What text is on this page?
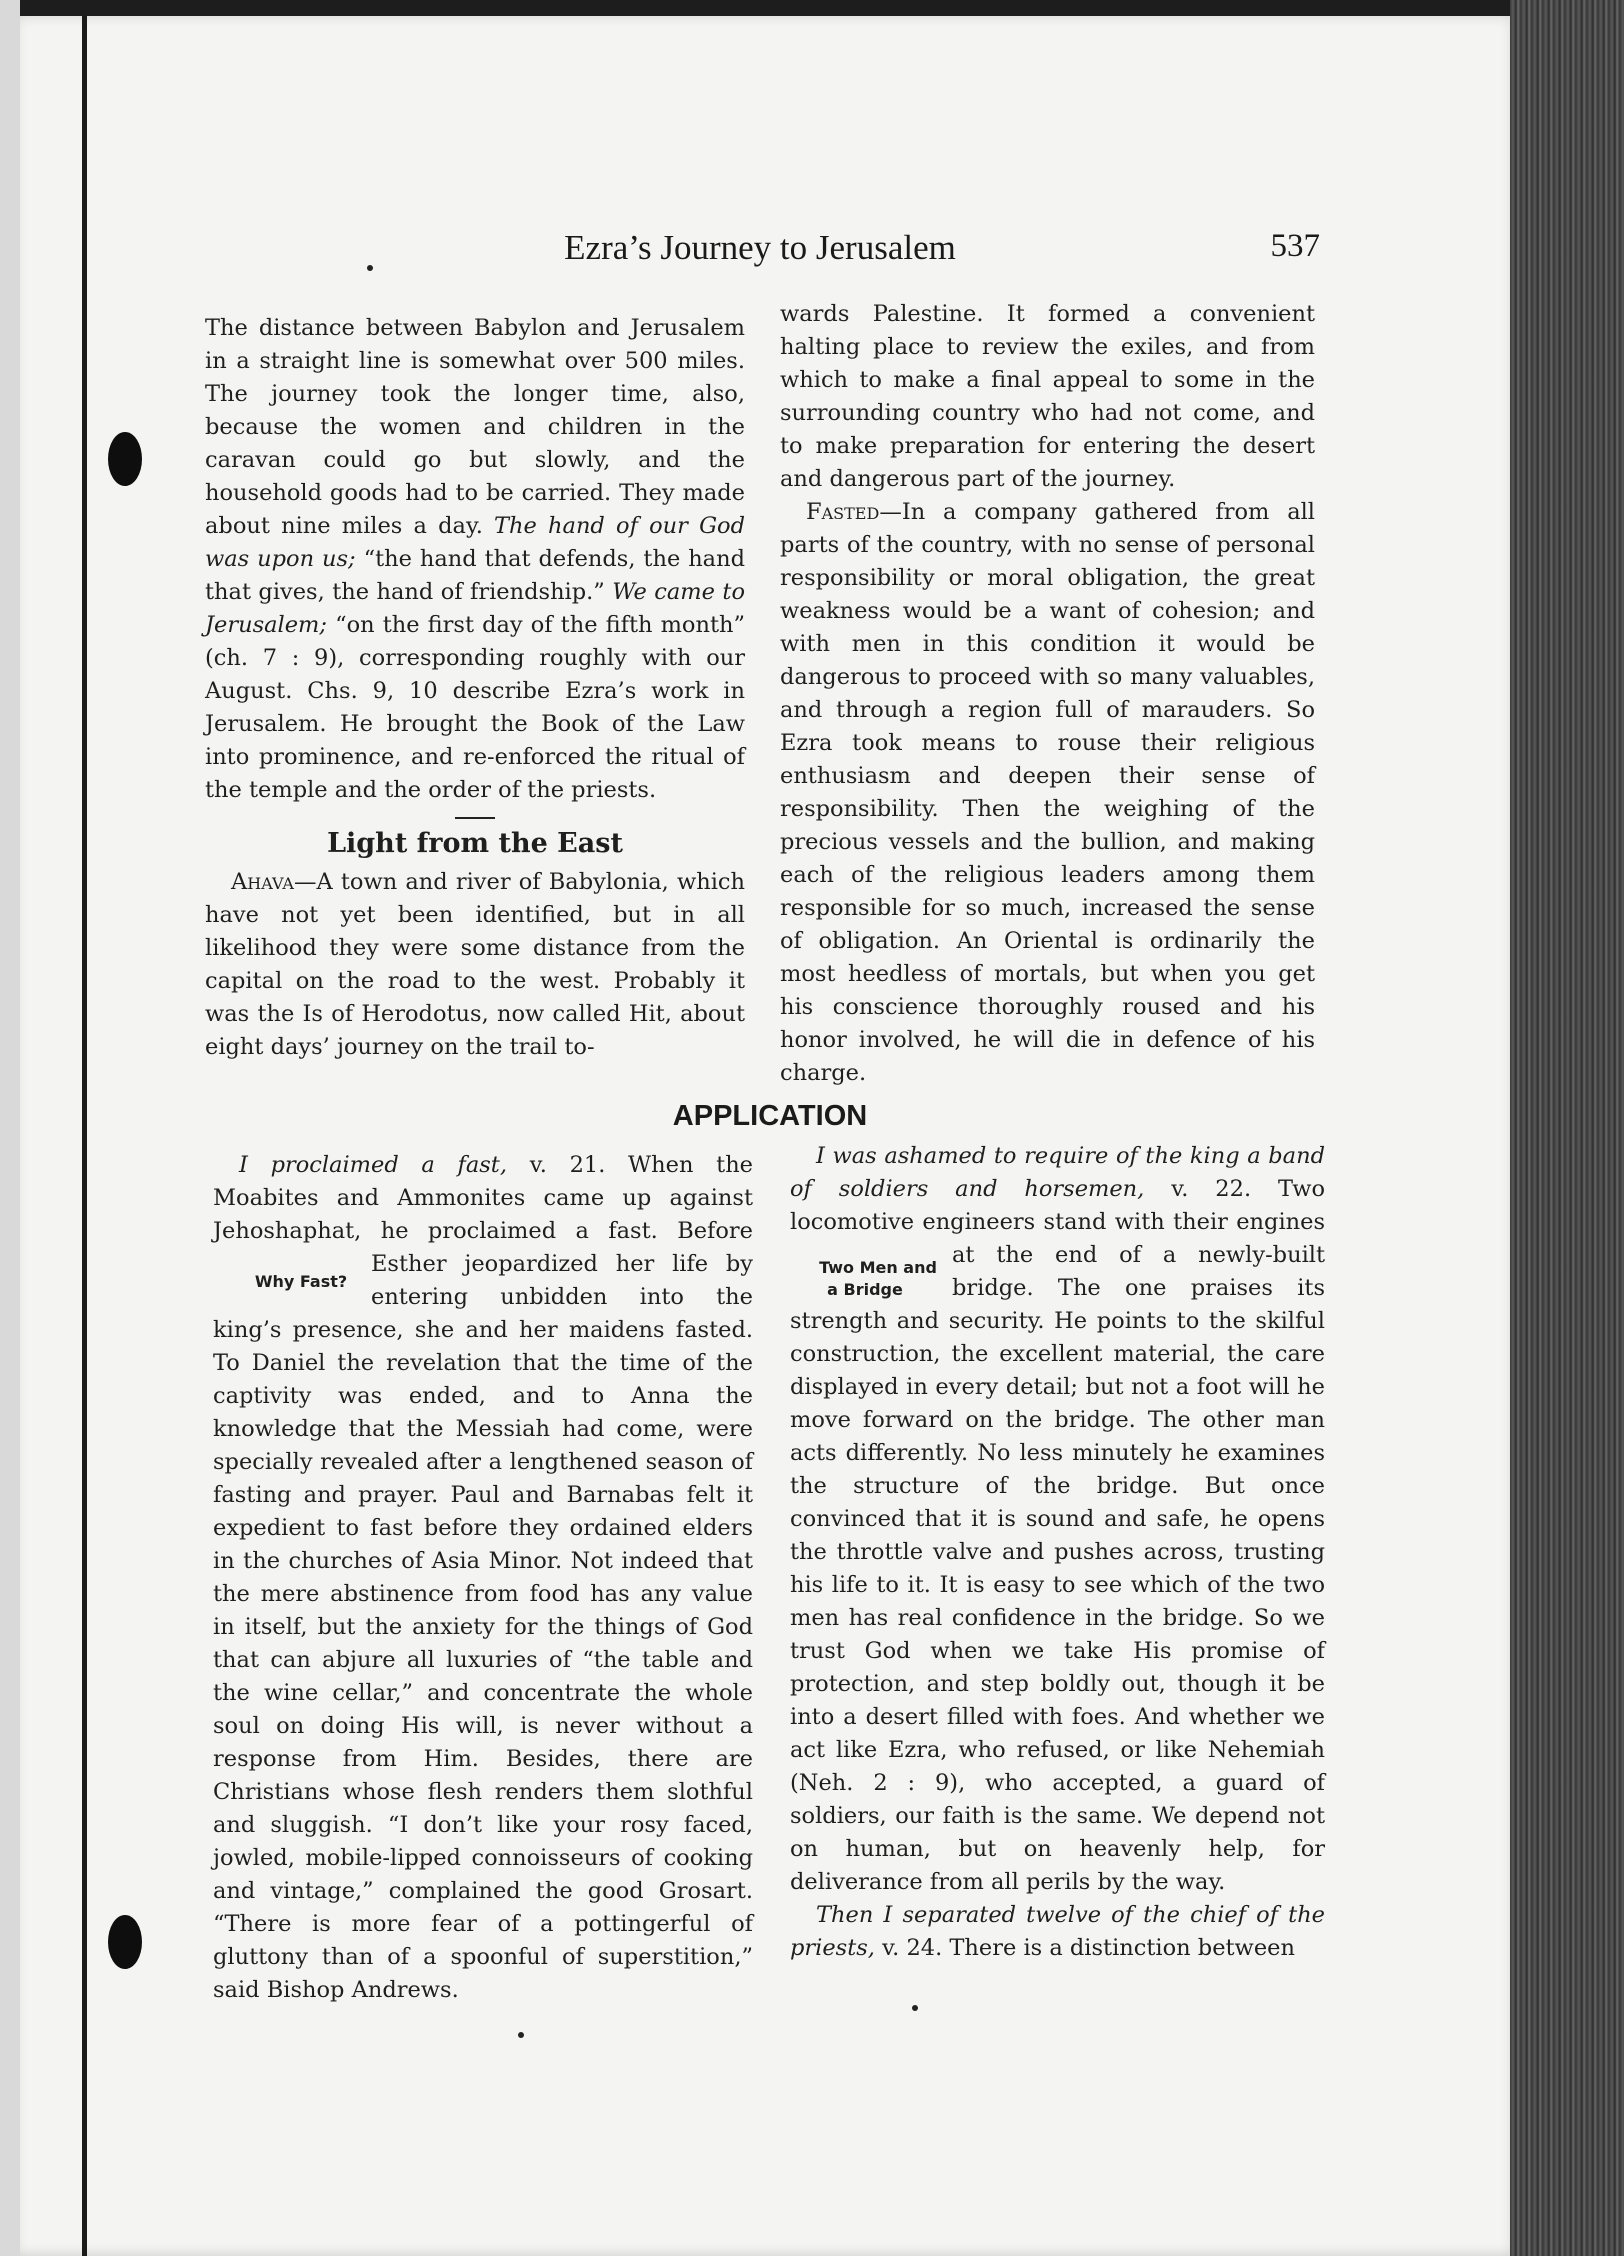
Ezra’s Journey to Jerusalem	537

The distance between Babylon and Jerusalem in a straight line is somewhat over 500 miles. The journey took the longer time, also, because the women and children in the caravan could go but slowly, and the household goods had to be carried. They made about nine miles a day. The hand of our God was upon us; “the hand that defends, the hand that gives, the hand of friendship.” We came to Jerusalem; “on the first day of the fifth month” (ch. 7 : 9), corresponding roughly with our August. Chs. 9, 10 describe Ezra’s work in Jerusalem. He brought the Book of the Law into prominence, and re-enforced the ritual of the temple and the order of the priests.

Light from the East

Ahava—A town and river of Babylonia, which have not yet been identified, but in all likelihood they were some distance from the capital on the road to the west. Probably it was the Is of Herodotus, now called Hit, about eight days’ journey on the trail to-

wards Palestine. It formed a convenient halting place to review the exiles, and from which to make a final appeal to some in the surrounding country who had not come, and to make preparation for entering the desert and dangerous part of the journey.

Fasted—In a company gathered from all parts of the country, with no sense of personal responsibility or moral obligation, the great weakness would be a want of cohesion; and with men in this condition it would be dangerous to proceed with so many valuables, and through a region full of marauders. So Ezra took means to rouse their religious enthusiasm and deepen their sense of responsibility. Then the weighing of the precious vessels and the bullion, and making each of the religious leaders among them responsible for so much, increased the sense of obligation. An Oriental is ordinarily the most heedless of mortals, but when you get his conscience thoroughly roused and his honor involved, he will die in defence of his charge.

APPLICATION

I proclaimed a fast, v. 21. When the Moabites and Ammonites came up against Jehoshaphat, he proclaimed a fast. Before
Why Fast?
Esther jeopardized her life by entering unbidden into the king’s presence, she and her maidens fasted. To Daniel the revelation that the time of the captivity was ended, and to Anna the knowledge that the Messiah had come, were specially revealed after a lengthened season of fasting and prayer. Paul and Barnabas felt it expedient to fast before they ordained elders in the churches of Asia Minor. Not indeed that the mere abstinence from food has any value in itself, but the anxiety for the things of God that can abjure all luxuries of “the table and the wine cellar,” and concentrate the whole soul on doing His will, is never without a response from Him. Besides, there are Christians whose flesh renders them slothful and sluggish. “I don’t like your rosy faced, jowled, mobile-lipped connoisseurs of cooking and vintage,” complained the good Grosart. “There is more fear of a pottingerful of gluttony than of a spoonful of superstition,” said Bishop Andrews.

I was ashamed to require of the king a band of soldiers and horsemen, v. 22. Two locomotive engineers stand with their engines at
Two Men and a Bridge
the end of a newly-built bridge. The one praises its strength and security. He points to the skilful construction, the excellent material, the care displayed in every detail; but not a foot will he move forward on the bridge. The other man acts differently. No less minutely he examines the structure of the bridge. But once convinced that it is sound and safe, he opens the throttle valve and pushes across, trusting his life to it. It is easy to see which of the two men has real confidence in the bridge. So we trust God when we take His promise of protection, and step boldly out, though it be into a desert filled with foes. And whether we act like Ezra, who refused, or like Nehemiah (Neh. 2 : 9), who accepted, a guard of soldiers, our faith is the same. We depend not on human, but on heavenly help, for deliverance from all perils by the way.

Then I separated twelve of the chief of the priests, v. 24. There is a distinction between
